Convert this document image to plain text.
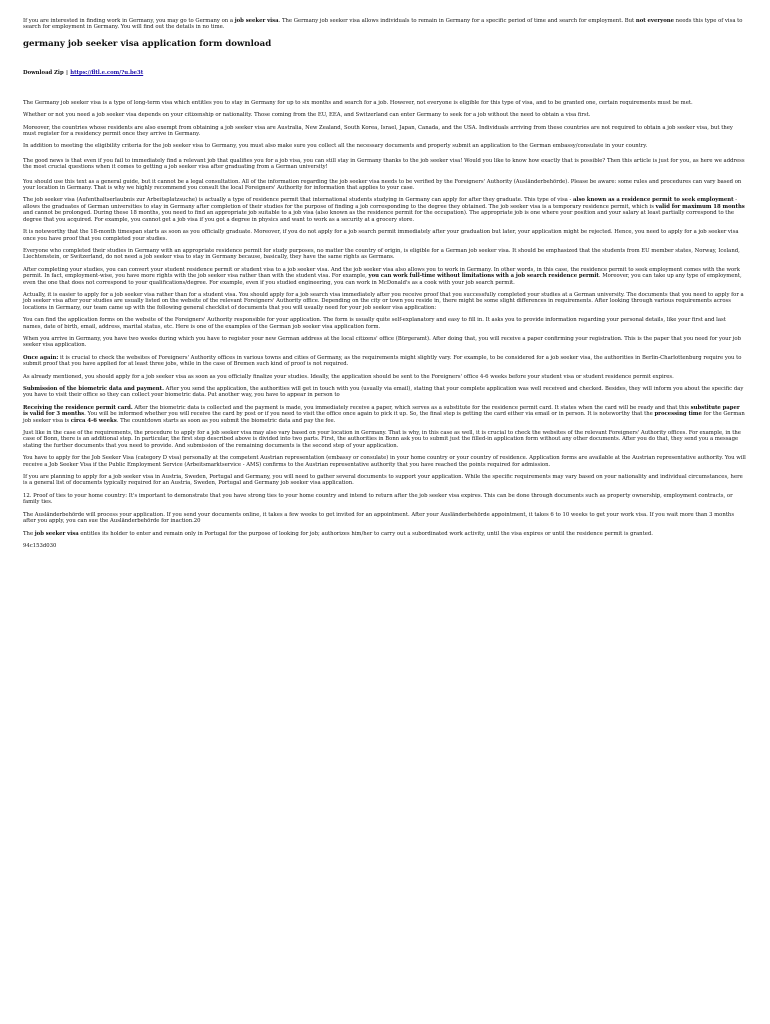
If you are interested in finding work in Germany, you may go to Germany on a job seeker visa. The Germany job seeker visa allows individuals to remain in Germany for a specific period of time and search for employment. But not everyone needs this type of visa to search for employment in Germany. You will find out the details in no time.

germany job seeker visa application form download
Download Zip ▯ https://fltl.e.com/?u.be3t

The Germany job seeker visa is a type of long-term visa which entitles you to stay in Germany for up to six months and search for a job. However, not everyone is eligible for this type of visa, and to be granted one, certain requirements must be met.

Whether or not you need a job seeker visa depends on your citizenship or nationality. Those coming from the EU, EEA, and Switzerland can enter Germany to seek for a job without the need to obtain a visa first.

Moreover, the countries whose residents are also exempt from obtaining a job seeker visa are Australia, New Zealand, South Korea, Israel, Japan, Canada, and the USA. Individuals arriving from these countries are not required to obtain a job seeker visa, but they must register for a residency permit once they arrive in Germany.

In addition to meeting the eligibility criteria for the job seeker visa to Germany, you must also make sure you collect all the necessary documents and properly submit an application to the German embassy/consulate in your country.

The good news is that even if you fail to immediately find a relevant job that qualifies you for a job visa, you can still stay in Germany thanks to the job seeker visa! Would you like to know how exactly that is possible? Then this article is just for you, as here we address the most crucial questions when it comes to getting a job seeker visa after graduating from a German university!

You should use this text as a general guide, but it cannot be a legal consultation. All of the information regarding the job seeker visa needs to be verified by the Foreigners' Authority (Ausländerbehörde). Please be aware: some rules and procedures can vary based on your location in Germany. That is why we highly recommend you consult the local Foreigners' Authority for information that applies to your case.

The job seeker visa (Aufenthaltserlaubnis zur Arbeitsplatzsuche) is actually a type of residence permit that international students studying in Germany can apply for after they graduate. This type of visa - also known as a residence permit to seek employment - allows the graduates of German universities to stay in Germany after completion of their studies for the purpose of finding a job corresponding to the degree they obtained. The job seeker visa is a temporary residence permit, which is valid for maximum 18 months and cannot be prolonged. During these 18 months, you need to find an appropriate job suitable to a job visa (also known as the residence permit for the occupation). The appropriate job is one where your position and your salary at least partially correspond to the degree that you acquired. For example, you cannot get a job visa if you got a degree in physics and want to work as a security at a grocery store.

It is noteworthy that the 18-month timespan starts as soon as you officially graduate. Moreover, if you do not apply for a job search permit immediately after your graduation but later, your application might be rejected. Hence, you need to apply for a job seeker visa once you have proof that you completed your studies.

Everyone who completed their studies in Germany with an appropriate residence permit for study purposes, no matter the country of origin, is eligible for a German job seeker visa. It should be emphasized that the students from EU member states, Norway, Iceland, Liechtenstein, or Switzerland, do not need a job seeker visa to stay in Germany because, basically, they have the same rights as Germans.

After completing your studies, you can convert your student residence permit or student visa to a job seeker visa. And the job seeker visa also allows you to work in Germany. In other words, in this case, the residence permit to seek employment comes with the work permit. In fact, employment-wise, you have more rights with the job seeker visa rather than with the student visa. For example, you can work full-time without limitations with a job search residence permit. Moreover, you can take up any type of employment, even the one that does not correspond to your qualifications/degree. For example, even if you studied engineering, you can work in McDonald's as a cook with your job search permit.

Actually, it is easier to apply for a job seeker visa rather than for a student visa. You should apply for a job search visa immediately after you receive proof that you successfully completed your studies at a German university. The documents that you need to apply for a job seeker visa after your studies are usually listed on the website of the relevant Foreigners' Authority office. Depending on the city or town you reside in, there might be some slight differences in requirements. After looking through various requirements across locations in Germany, our team came up with the following general checklist of documents that you will usually need for your job seeker visa application:

You can find the application forms on the website of the Foreigners' Authority responsible for your application. The form is usually quite self-explanatory and easy to fill in. It asks you to provide information regarding your personal details, like your first and last names, date of birth, email, address, marital status, etc. Here is one of the examples of the German job seeker visa application form.

When you arrive in Germany, you have two weeks during which you have to register your new German address at the local citizens' office (Bürgeramt). After doing that, you will receive a paper confirming your registration. This is the paper that you need for your job seeker visa application.

Once again: it is crucial to check the websites of Foreigners' Authority offices in various towns and cities of Germany, as the requirements might slightly vary. For example, to be considered for a job seeker visa, the authorities in Berlin-Charlottenburg require you to submit proof that you have applied for at least three jobs, while in the case of Bremen such kind of proof is not required.

As already mentioned, you should apply for a job seeker visa as soon as you officially finalize your studies. Ideally, the application should be sent to the Foreigners' office 4-6 weeks before your student visa or student residence permit expires.

Submission of the biometric data and payment. After you send the application, the authorities will get in touch with you (usually via email), stating that your complete application was well received and checked. Besides, they will inform you about the specific day you have to visit their office so they can collect your biometric data. Put another way, you have to appear in person to

Receiving the residence permit card. After the biometric data is collected and the payment is made, you immediately receive a paper, which serves as a substitute for the residence permit card. It states when the card will be ready and that this substitute paper is valid for 3 months. You will be informed whether you will receive the card by post or if you need to visit the office once again to pick it up. So, the final step is getting the card either via email or in person. It is noteworthy that the processing time for the German job seeker visa is circa 4-6 weeks. The countdown starts as soon as you submit the biometric data and pay the fee.

Just like in the case of the requirements, the procedure to apply for a job seeker visa may also vary based on your location in Germany. That is why, in this case as well, it is crucial to check the websites of the relevant Foreigners' Authority offices. For example, in the case of Bonn, there is an additional step. In particular, the first step described above is divided into two parts. First, the authorities in Bonn ask you to submit just the filled-in application form without any other documents. After you do that, they send you a message stating the further documents that you need to provide. And submission of the remaining documents is the second step of your application.

You have to apply for the Job Seeker Visa (category D visa) personally at the competent Austrian representation (embassy or consulate) in your home country or your country of residence. Application forms are available at the Austrian representative authority. You will receive a Job Seeker Visa if the Public Employment Service (Arbeitsmarktservice - AMS) confirms to the Austrian representative authority that you have reached the points required for admission.

If you are planning to apply for a job seeker visa in Austria, Sweden, Portugal and Germany, you will need to gather several documents to support your application. While the specific requirements may vary based on your nationality and individual circumstances, here is a general list of documents typically required for an Austria, Sweden, Portugal and Germany job seeker visa application.

12. Proof of ties to your home country: It's important to demonstrate that you have strong ties to your home country and intend to return after the job seeker visa expires. This can be done through documents such as property ownership, employment contracts, or family ties.

The Ausländerbehörde will process your application. If you send your documents online, it takes a few weeks to get invited for an appointment. After your Ausländerbehörde appointment, it takes 6 to 10 weeks to get your work visa. If you wait more than 3 months after you apply, you can sue the Ausländerbehörde for inaction.20

The job seeker visa entitles its holder to enter and remain only in Portugal for the purpose of looking for job; authorizes him/her to carry out a subordinated work activity, until the visa expires or until the residence permit is granted.

94c153d030
